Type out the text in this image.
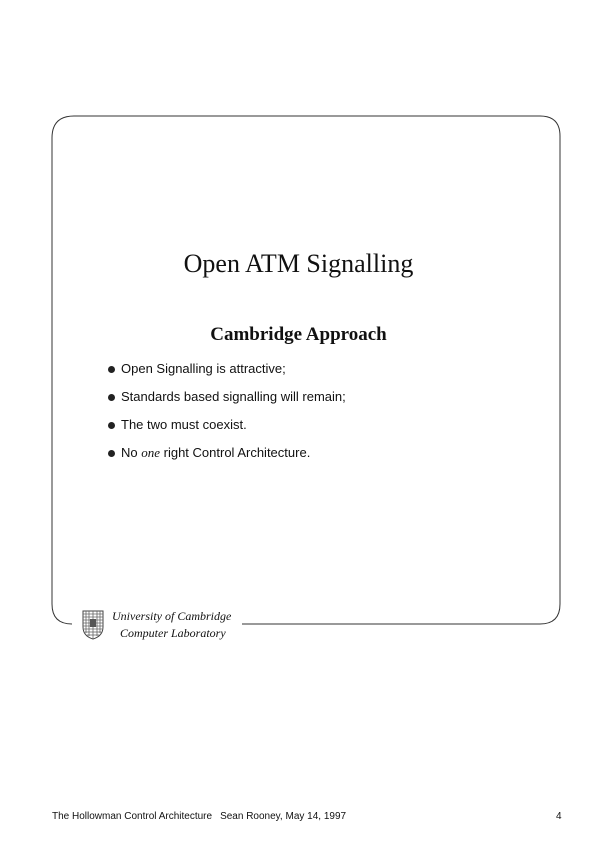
Open ATM Signalling
Cambridge Approach
Open Signalling is attractive;
Standards based signalling will remain;
The two must coexist.
No one right Control Architecture.
University of Cambridge
Computer Laboratory
The Hollowman Control Architecture Sean Rooney, May 14, 1997	4
